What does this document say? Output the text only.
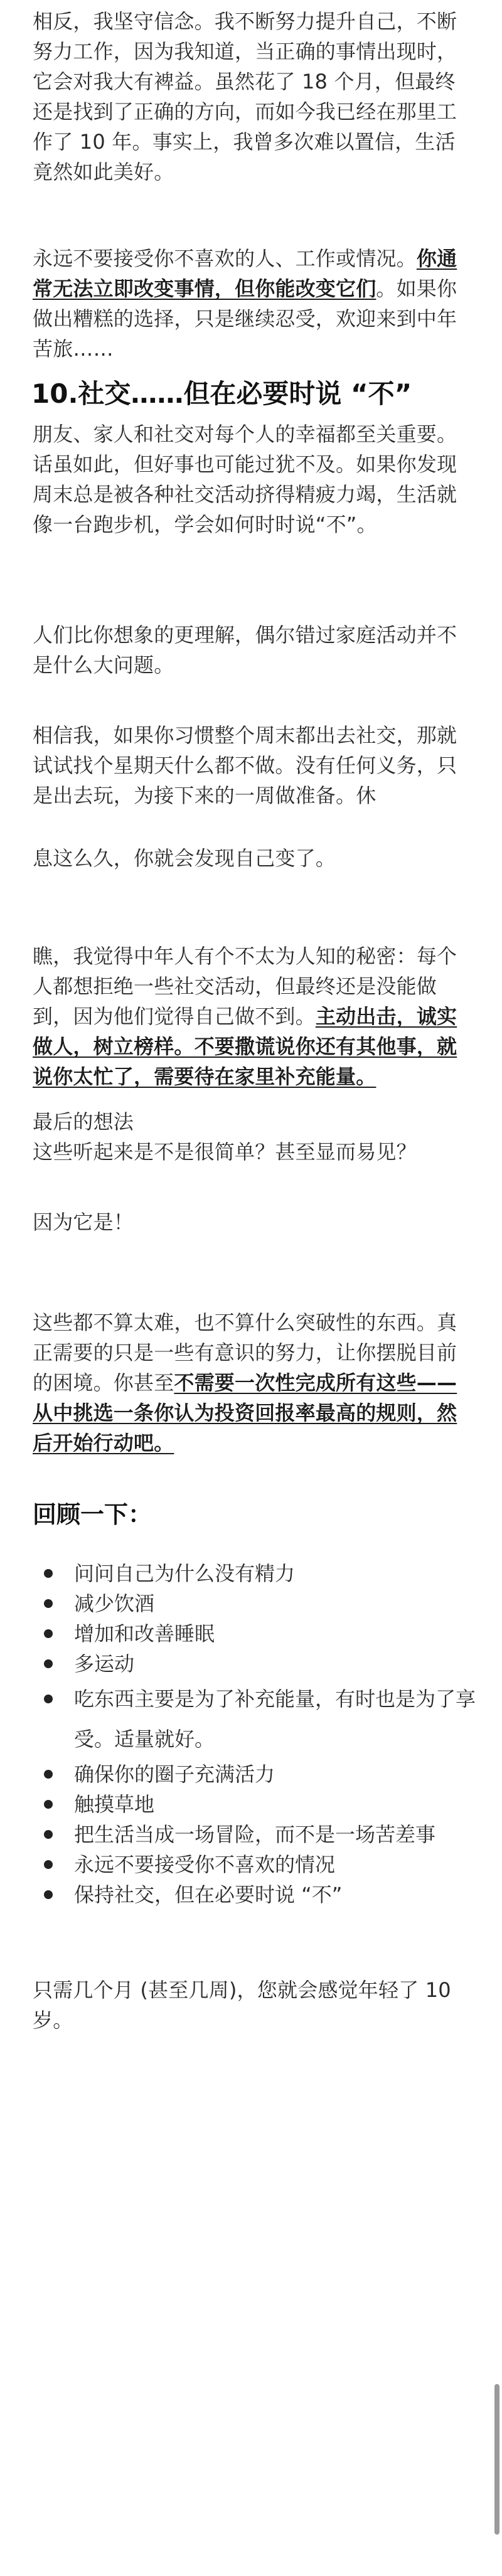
相反，我坚守信念。我不断努力提升自己，不断努力工作，因为我知道，当正确的事情出现时，它会对我大有裨益。虽然花了 18 个月，但最终还是找到了正确的方向，而如今我已经在那里工作了 10 年。事实上，我曾多次难以置信，生活竟然如此美好。

永远不要接受你不喜欢的人、工作或情况。你通常无法立即改变事情，但你能改变它们。如果你做出糟糕的选择，只是继续忍受，欢迎来到中年苦旅……

10.社交……但在必要时说 “不”

朋友、家人和社交对每个人的幸福都至关重要。话虽如此，但好事也可能过犹不及。如果你发现周末总是被各种社交活动挤得精疲力竭，生活就像一台跑步机，学会如何时时说“不”。

人们比你想象的更理解，偶尔错过家庭活动并不是什么大问题。

相信我，如果你习惯整个周末都出去社交，那就试试找个星期天什么都不做。没有任何义务，只是出去玩，为接下来的一周做准备。休

息这么久，你就会发现自己变了。

瞧，我觉得中年人有个不太为人知的秘密：每个人都想拒绝一些社交活动，但最终还是没能做到，因为他们觉得自己做不到。主动出击，诚实做人，树立榜样。不要撒谎说你还有其他事，就说你太忙了，需要待在家里补充能量。

最后的想法

这些听起来是不是很简单？甚至显而易见？

因为它是！

这些都不算太难，也不算什么突破性的东西。真正需要的只是一些有意识的努力，让你摆脱目前的困境。你甚至不需要一次性完成所有这些——从中挑选一条你认为投资回报率最高的规则，然后开始行动吧。

回顾一下：
问问自己为什么没有精力
减少饮酒
增加和改善睡眠
多运动
吃东西主要是为了补充能量，有时也是为了享受。适量就好。
确保你的圈子充满活力
触摸草地
把生活当成一场冒险，而不是一场苦差事
永远不要接受你不喜欢的情况
保持社交，但在必要时说 “不”

只需几个月 (甚至几周)，您就会感觉年轻了 10 岁。
